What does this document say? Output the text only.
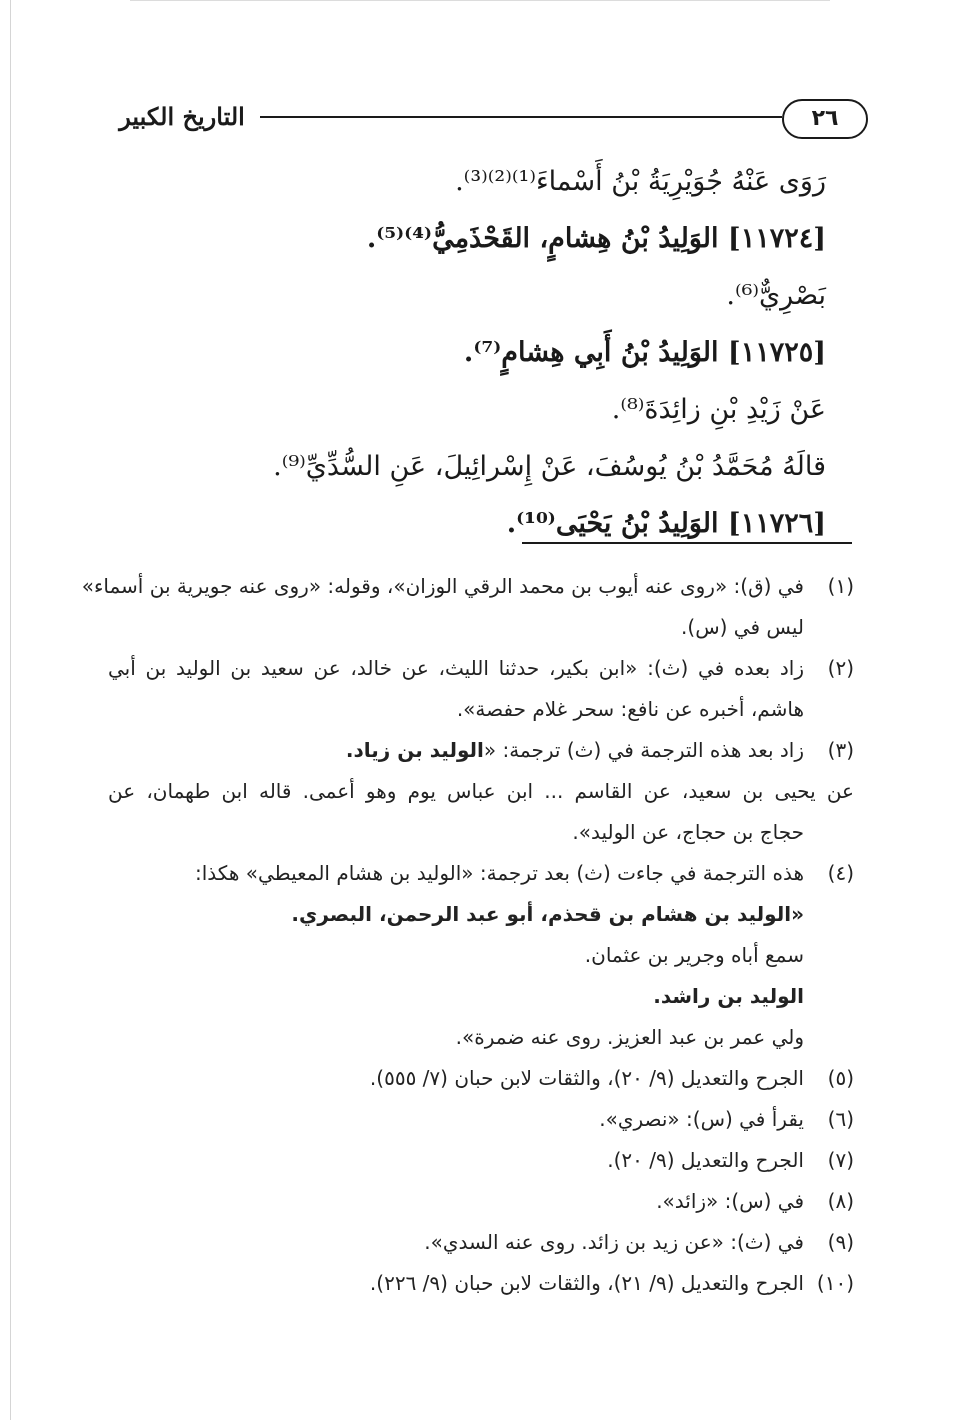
٢٦
التاريخ الكبير
رَوَى عَنْهُ جُوَيْرِيَةُ بْنُ أَسْماءَ⁽¹⁾⁽²⁾⁽³⁾.
[١١٧٢٤] الوَلِيدُ بْنُ هِشامٍ، القَحْذَمِيُّ⁽⁴⁾⁽⁵⁾.
بَصْرِيٌّ⁽⁶⁾.
[١١٧٢٥] الوَلِيدُ بْنُ أَبِي هِشامٍ⁽⁷⁾.
عَنْ زَيْدِ بْنِ زائِدَةَ⁽⁸⁾.
قالَهُ مُحَمَّدُ بْنُ يُوسُفَ، عَنْ إِسْرائِيلَ، عَنِ السُّدِّيِّ⁽⁹⁾.
[١١٧٢٦] الوَلِيدُ بْنُ يَحْيَى⁽¹⁰⁾.
(١)
في (ق): «روى عنه أيوب بن محمد الرقي الوزان»، وقوله: «روى عنه جويرية بن أسماء»
ليس في (س).
(٢)
زاد بعده في (ث): «ابن بكير، حدثنا الليث، عن خالد، عن سعيد بن الوليد بن أبي
هاشم، أخبره عن نافع: سحر غلام حفصة».
(٣)
زاد بعد هذه الترجمة في (ث) ترجمة: «الوليد بن زياد.
عن يحيى بن سعيد، عن القاسم ... ابن عباس يوم وهو أعمى. قاله ابن طهمان، عن
حجاج بن حجاج، عن الوليد».
(٤)
هذه الترجمة في جاءت (ث) بعد ترجمة: «الوليد بن هشام المعيطي» هكذا:
«الوليد بن هشام بن قحذم، أبو عبد الرحمن، البصري.
سمع أباه وجرير بن عثمان.
الوليد بن راشد.
ولي عمر بن عبد العزيز. روى عنه ضمرة».
(٥)
الجرح والتعديل (٩/ ٢٠)، والثقات لابن حبان (٧/ ٥٥٥).
(٦)
يقرأ في (س): «نصري».
(٧)
الجرح والتعديل (٩/ ٢٠).
(٨)
في (س): «زائد».
(٩)
في (ث): «عن زيد بن زائد. روى عنه السدي».
(١٠)
الجرح والتعديل (٩/ ٢١)، والثقات لابن حبان (٩/ ٢٢٦).
